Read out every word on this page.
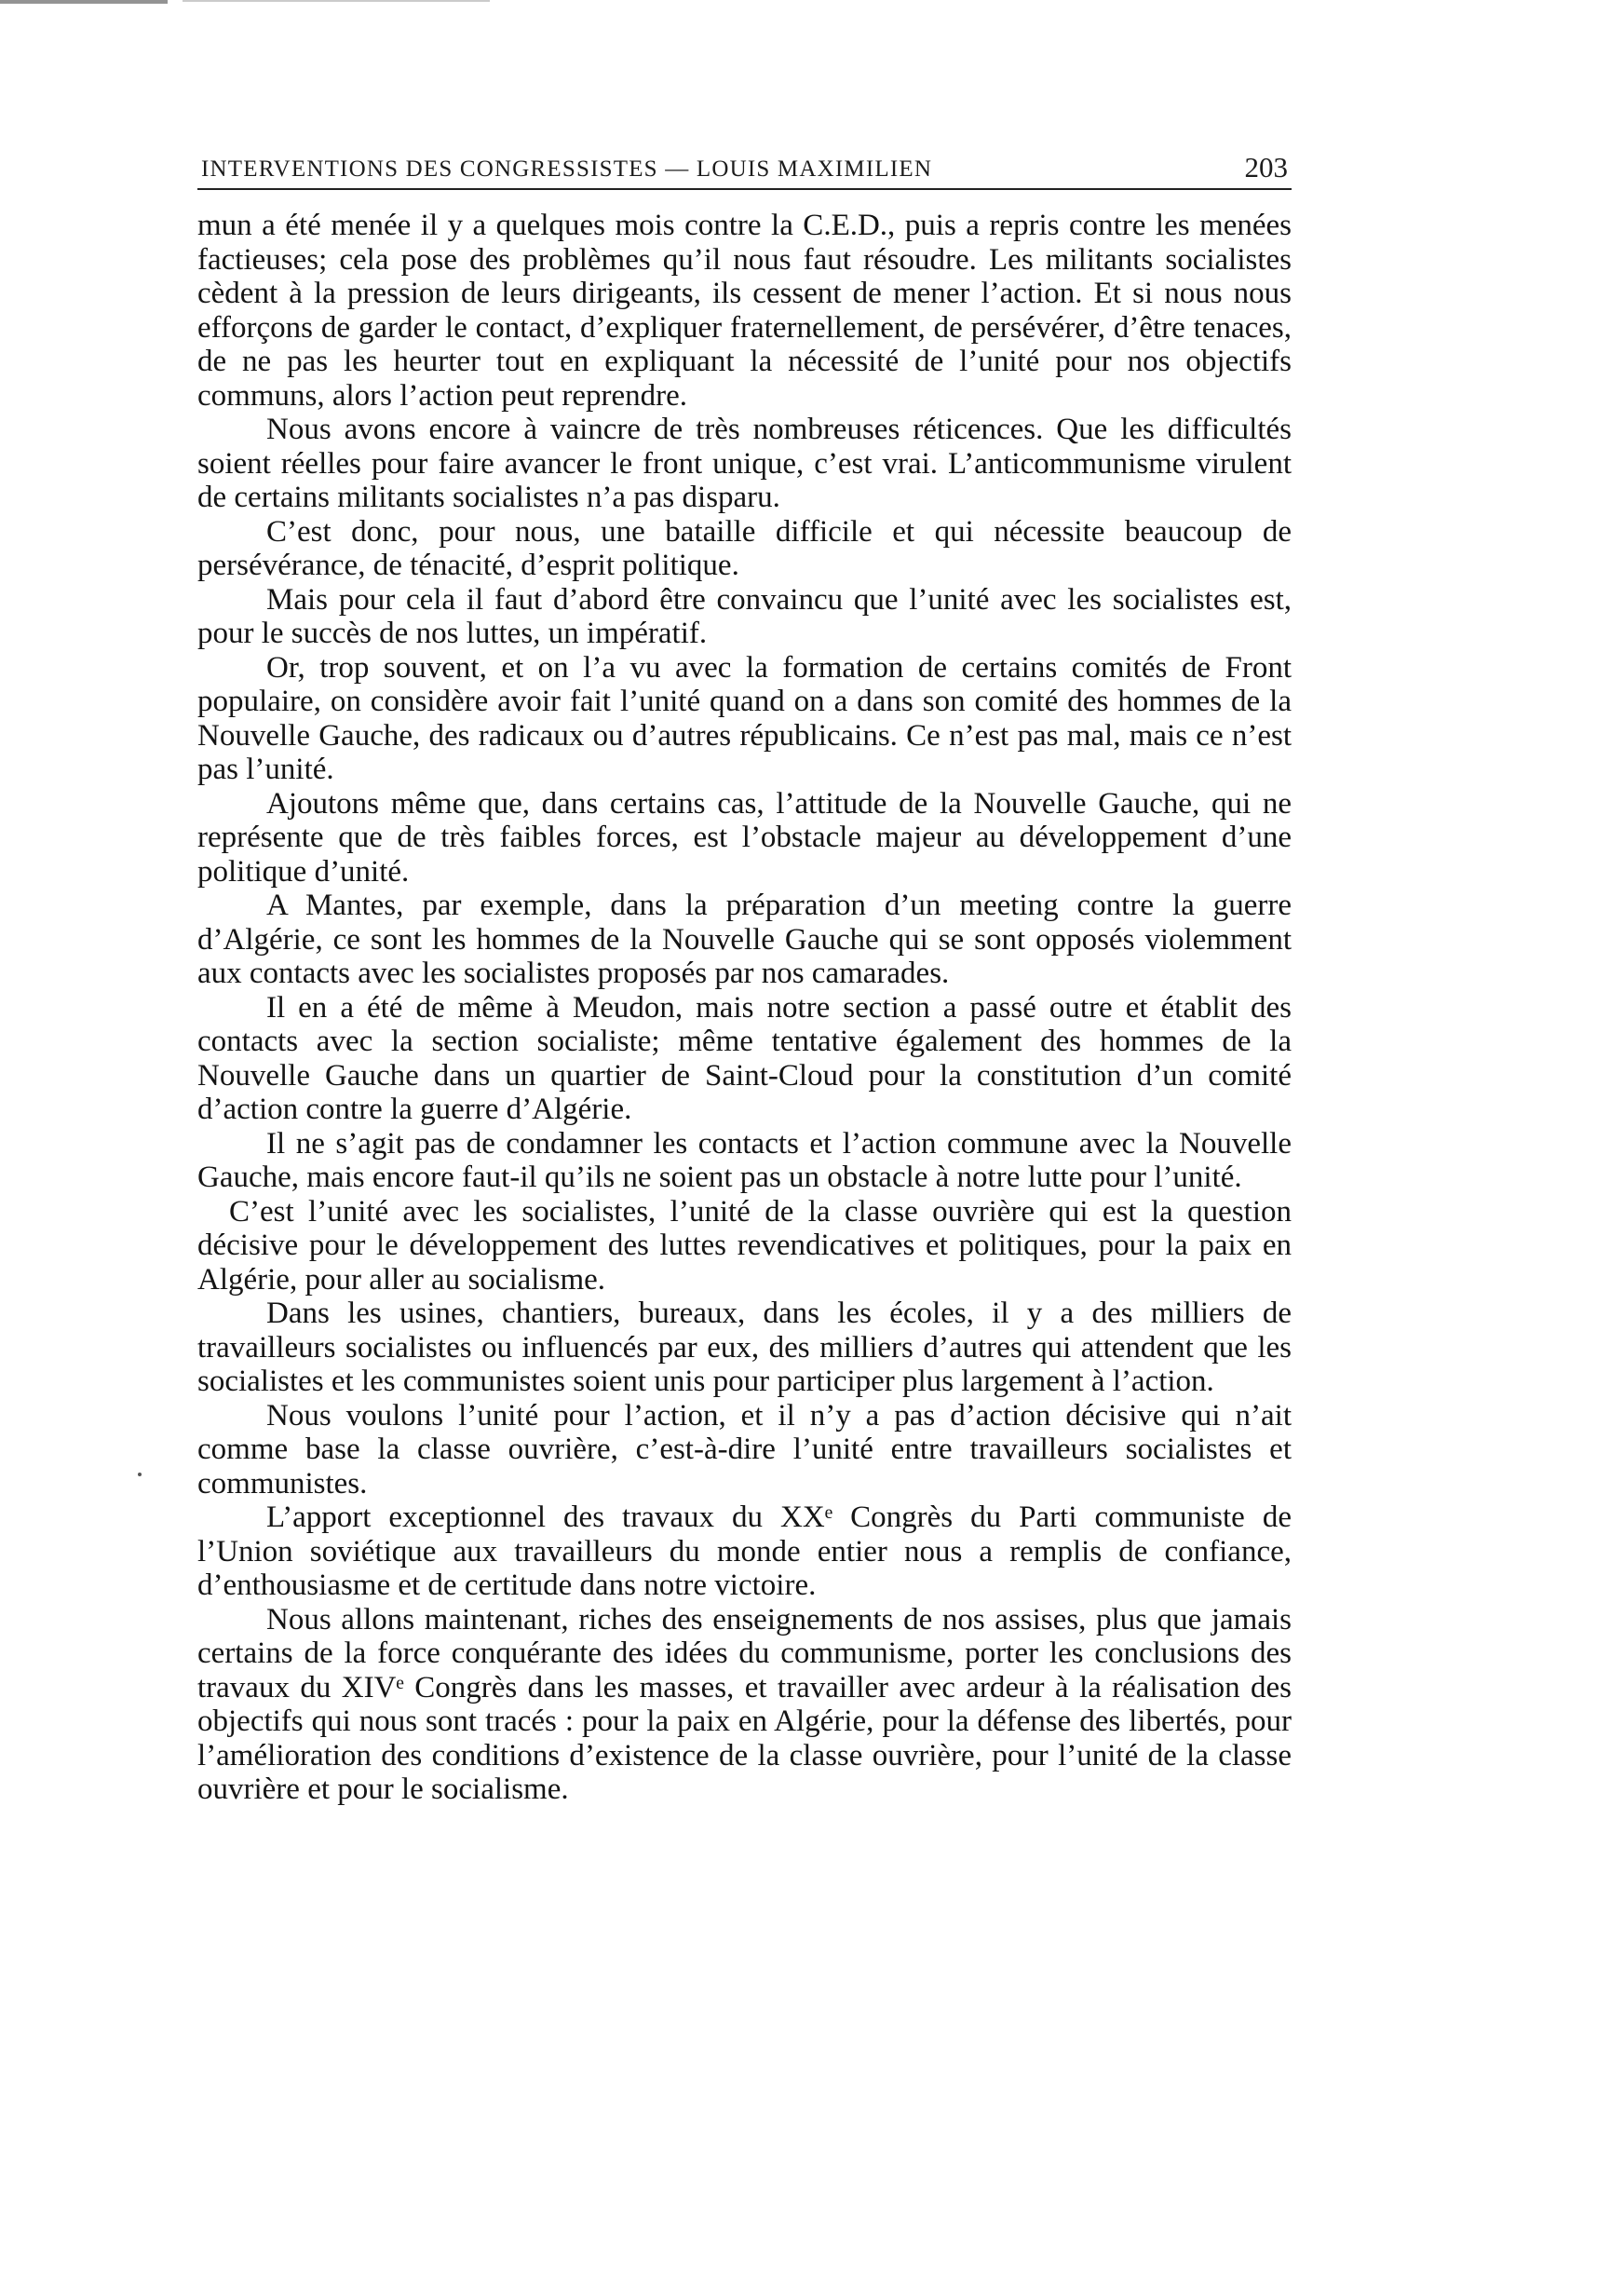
INTERVENTIONS DES CONGRESSISTES — LOUIS MAXIMILIEN	203

mun a été menée il y a quelques mois contre la C.E.D., puis a repris contre les menées factieuses; cela pose des problèmes qu’il nous faut résoudre. Les militants socialistes cèdent à la pression de leurs dirigeants, ils cessent de mener l’action. Et si nous nous efforçons de garder le contact, d’expliquer fraternellement, de persévérer, d’être tenaces, de ne pas les heurter tout en expliquant la nécessité de l’unité pour nos objectifs communs, alors l’action peut reprendre.

Nous avons encore à vaincre de très nombreuses réticences. Que les difficultés soient réelles pour faire avancer le front unique, c’est vrai. L’anticommunisme virulent de certains militants socialistes n’a pas disparu.

C’est donc, pour nous, une bataille difficile et qui nécessite beaucoup de persévérance, de ténacité, d’esprit politique.

Mais pour cela il faut d’abord être convaincu que l’unité avec les socialistes est, pour le succès de nos luttes, un impératif.

Or, trop souvent, et on l’a vu avec la formation de certains comités de Front populaire, on considère avoir fait l’unité quand on a dans son comité des hommes de la Nouvelle Gauche, des radicaux ou d’autres républicains. Ce n’est pas mal, mais ce n’est pas l’unité.

Ajoutons même que, dans certains cas, l’attitude de la Nouvelle Gauche, qui ne représente que de très faibles forces, est l’obstacle majeur au développement d’une politique d’unité.

A Mantes, par exemple, dans la préparation d’un meeting contre la guerre d’Algérie, ce sont les hommes de la Nouvelle Gauche qui se sont opposés violemment aux contacts avec les socialistes proposés par nos camarades.

Il en a été de même à Meudon, mais notre section a passé outre et établit des contacts avec la section socialiste; même tentative également des hommes de la Nouvelle Gauche dans un quartier de Saint-Cloud pour la constitution d’un comité d’action contre la guerre d’Algérie.

Il ne s’agit pas de condamner les contacts et l’action commune avec la Nouvelle Gauche, mais encore faut-il qu’ils ne soient pas un obstacle à notre lutte pour l’unité.

C’est l’unité avec les socialistes, l’unité de la classe ouvrière qui est la question décisive pour le développement des luttes revendicatives et politiques, pour la paix en Algérie, pour aller au socialisme.

Dans les usines, chantiers, bureaux, dans les écoles, il y a des milliers de travailleurs socialistes ou influencés par eux, des milliers d’autres qui attendent que les socialistes et les communistes soient unis pour participer plus largement à l’action.

Nous voulons l’unité pour l’action, et il n’y a pas d’action décisive qui n’ait comme base la classe ouvrière, c’est-à-dire l’unité entre travailleurs socialistes et communistes.

L’apport exceptionnel des travaux du XXᵉ Congrès du Parti communiste de l’Union soviétique aux travailleurs du monde entier nous a remplis de confiance, d’enthousiasme et de certitude dans notre victoire.

Nous allons maintenant, riches des enseignements de nos assises, plus que jamais certains de la force conquérante des idées du communisme, porter les conclusions des travaux du XIVᵉ Congrès dans les masses, et travailler avec ardeur à la réalisation des objectifs qui nous sont tracés : pour la paix en Algérie, pour la défense des libertés, pour l’amélioration des conditions d’existence de la classe ouvrière, pour l’unité de la classe ouvrière et pour le socialisme.
